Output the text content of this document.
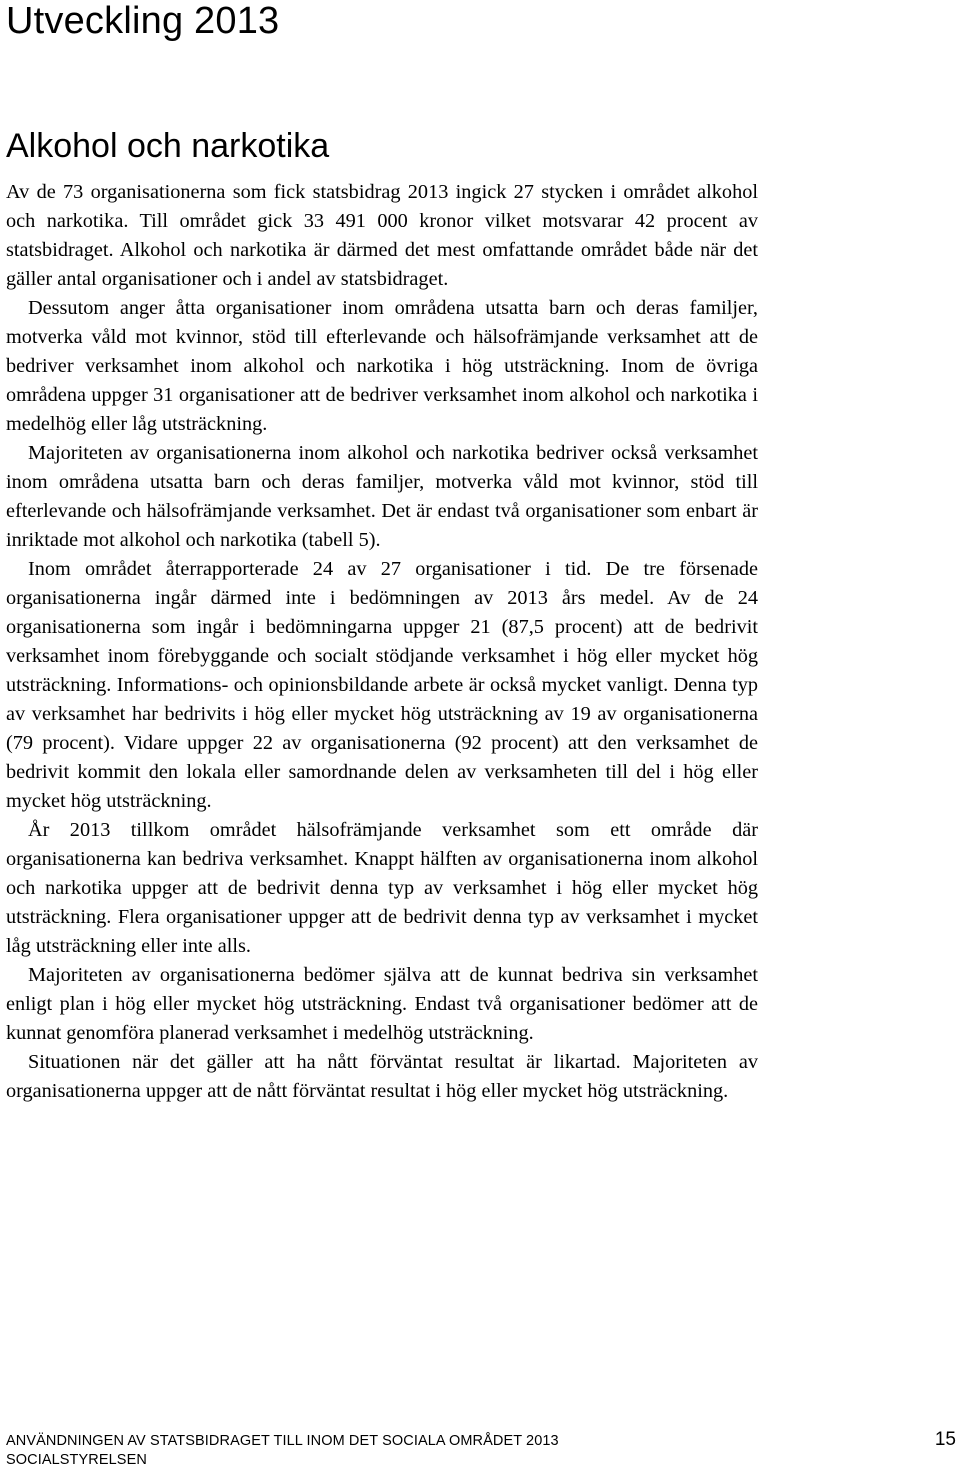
Utveckling 2013
Alkohol och narkotika

Av de 73 organisationerna som fick statsbidrag 2013 ingick 27 stycken i området alkohol och narkotika. Till området gick 33 491 000 kronor vilket motsvarar 42 procent av statsbidraget. Alkohol och narkotika är därmed det mest omfattande området både när det gäller antal organisationer och i andel av statsbidraget.

Dessutom anger åtta organisationer inom områdena utsatta barn och deras familjer, motverka våld mot kvinnor, stöd till efterlevande och hälsofrämjande verksamhet att de bedriver verksamhet inom alkohol och narkotika i hög utsträckning. Inom de övriga områdena uppger 31 organisationer att de bedriver verksamhet inom alkohol och narkotika i medelhög eller låg utsträckning.

Majoriteten av organisationerna inom alkohol och narkotika bedriver också verksamhet inom områdena utsatta barn och deras familjer, motverka våld mot kvinnor, stöd till efterlevande och hälsofrämjande verksamhet. Det är endast två organisationer som enbart är inriktade mot alkohol och narkotika (tabell 5).

Inom området återrapporterade 24 av 27 organisationer i tid. De tre försenade organisationerna ingår därmed inte i bedömningen av 2013 års medel. Av de 24 organisationerna som ingår i bedömningarna uppger 21 (87,5 procent) att de bedrivit verksamhet inom förebyggande och socialt stödjande verksamhet i hög eller mycket hög utsträckning. Informations- och opinionsbildande arbete är också mycket vanligt. Denna typ av verksamhet har bedrivits i hög eller mycket hög utsträckning av 19 av organisationerna (79 procent). Vidare uppger 22 av organisationerna (92 procent) att den verksamhet de bedrivit kommit den lokala eller samordnande delen av verksamheten till del i hög eller mycket hög utsträckning.

År 2013 tillkom området hälsofrämjande verksamhet som ett område där organisationerna kan bedriva verksamhet. Knappt hälften av organisationerna inom alkohol och narkotika uppger att de bedrivit denna typ av verksamhet i hög eller mycket hög utsträckning. Flera organisationer uppger att de bedrivit denna typ av verksamhet i mycket låg utsträckning eller inte alls.

Majoriteten av organisationerna bedömer själva att de kunnat bedriva sin verksamhet enligt plan i hög eller mycket hög utsträckning. Endast två organisationer bedömer att de kunnat genomföra planerad verksamhet i medelhög utsträckning.

Situationen när det gäller att ha nått förväntat resultat är likartad. Majoriteten av organisationerna uppger att de nått förväntat resultat i hög eller mycket hög utsträckning.

ANVÄNDNINGEN AV STATSBIDRAGET TILL INOM DET SOCIALA OMRÅDET 2013
SOCIALSTYRELSEN
15
